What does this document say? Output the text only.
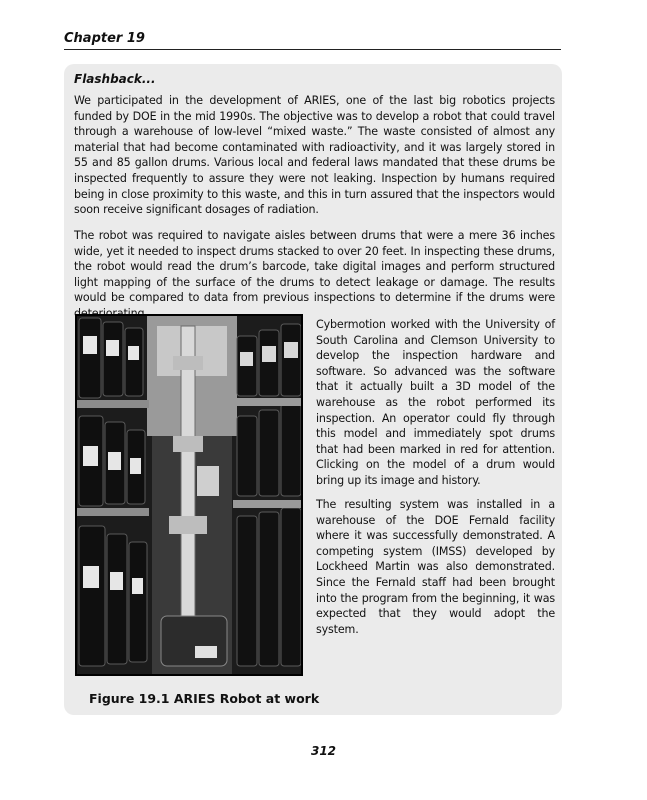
Chapter 19
Flashback...

We participated in the development of ARIES, one of the last big robotics projects funded by DOE in the mid 1990s. The objective was to develop a robot that could travel through a warehouse of low-level “mixed waste.” The waste consisted of almost any material that had become contaminated with radioactivity, and it was largely stored in 55 and 85 gallon drums. Various local and federal laws mandated that these drums be inspected frequently to assure they were not leaking. Inspection by humans required being in close proximity to this waste, and this in turn assured that the inspectors would soon receive significant dosages of radiation.

The robot was required to navigate aisles between drums that were a mere 36 inches wide, yet it needed to inspect drums stacked to over 20 feet. In inspecting these drums, the robot would read the drum’s barcode, take digital images and perform structured light mapping of the surface of the drums to detect leakage or damage. The results would be compared to data from previous inspections to determine if the drums were

Cybermotion worked with the University of South Carolina and Clemson University to develop the inspection hardware and software. So advanced was the software that it actually built a 3D model of the warehouse as the robot performed its inspection. An operator could fly through this model and immediately spot drums that had been marked in red for attention. Clicking on the model of a drum would bring up its image and history.

The resulting system was installed in a warehouse of the DOE Fernald facility where it was successfully demonstrated. A competing system (IMSS) developed by Lockheed Martin was also demonstrated. Since the Fernald staff had been brought into the program from the beginning, it was expected that they would adopt the system.

Figure 19.1 ARIES Robot at work
312
